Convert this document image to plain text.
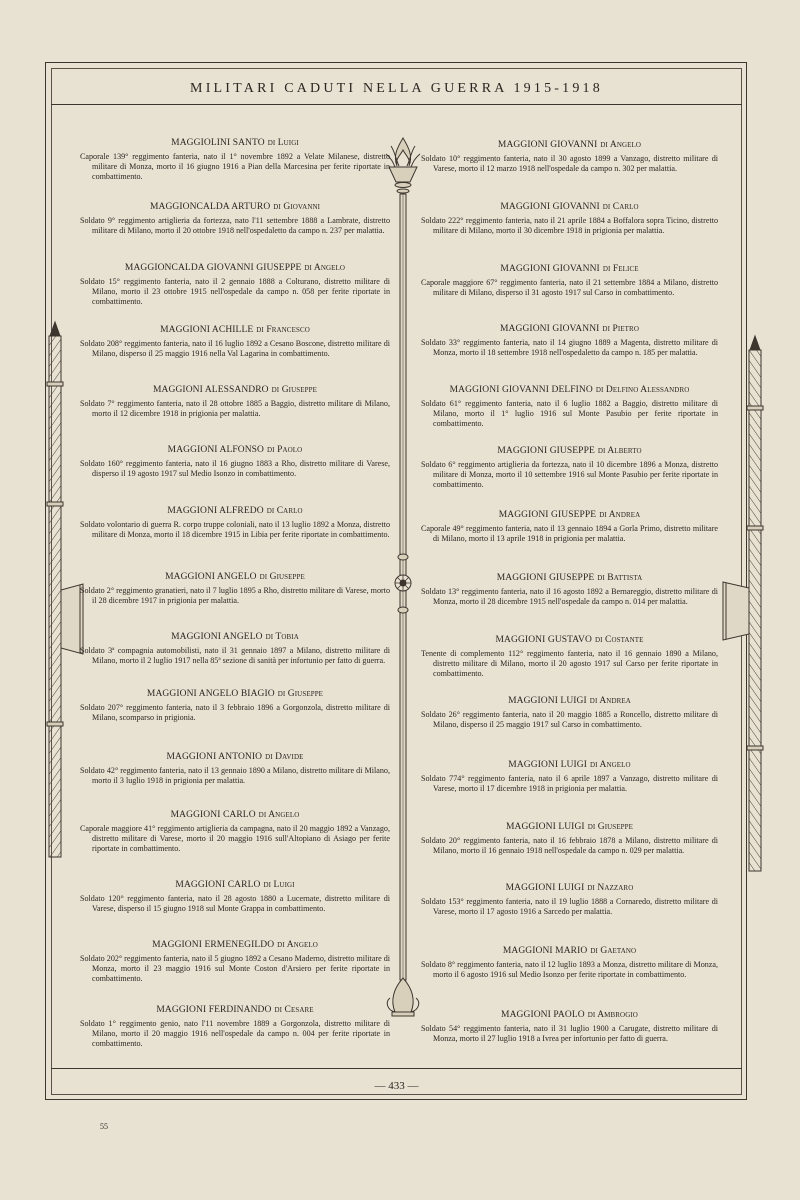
MILITARI CADUTI NELLA GUERRA 1915-1918
MAGGIOLINI SANTO di Luigi

Caporale 139° reggimento fanteria, nato il 1° novembre 1892 a Velate Milanese, distretto militare di Monza, morto il 16 giugno 1916 a Pian della Marcesina per ferite riportate in combattimento.

MAGGIONCALDA ARTURO di Giovanni

Soldato 9° reggimento artiglieria da fortezza, nato l'11 settembre 1888 a Lambrate, distretto militare di Milano, morto il 20 ottobre 1918 nell'ospedaletto da campo n. 237 per malattia.

MAGGIONCALDA GIOVANNI GIUSEPPE di Angelo

Soldato 15° reggimento fanteria, nato il 2 gennaio 1888 a Colturano, distretto militare di Milano, morto il 23 ottobre 1915 nell'ospedale da campo n. 058 per ferite riportate in combattimento.

MAGGIONI ACHILLE di Francesco

Soldato 208° reggimento fanteria, nato il 16 luglio 1892 a Cesano Boscone, distretto militare di Milano, disperso il 25 maggio 1916 nella Val Lagarina in combattimento.

MAGGIONI ALESSANDRO di Giuseppe

Soldato 7° reggimento fanteria, nato il 28 ottobre 1885 a Baggio, distretto militare di Milano, morto il 12 dicembre 1918 in prigionia per malattia.

MAGGIONI ALFONSO di Paolo

Soldato 160° reggimento fanteria, nato il 16 giugno 1883 a Rho, distretto militare di Varese, disperso il 19 agosto 1917 sul Medio Isonzo in combattimento.

MAGGIONI ALFREDO di Carlo

Soldato volontario di guerra R. corpo truppe coloniali, nato il 13 luglio 1892 a Monza, distretto militare di Monza, morto il 18 dicembre 1915 in Libia per ferite riportate in combattimento.

MAGGIONI ANGELO di Giuseppe

Soldato 2° reggimento granatieri, nato il 7 luglio 1895 a Rho, distretto militare di Varese, morto il 28 dicembre 1917 in prigionia per malattia.

MAGGIONI ANGELO di Tobia

Soldato 3ª compagnia automobilisti, nato il 31 gennaio 1897 a Milano, distretto militare di Milano, morto il 2 luglio 1917 nella 85ª sezione di sanità per infortunio per fatto di guerra.

MAGGIONI ANGELO BIAGIO di Giuseppe

Soldato 207° reggimento fanteria, nato il 3 febbraio 1896 a Gorgonzola, distretto militare di Milano, scomparso in prigionia.

MAGGIONI ANTONIO di Davide

Soldato 42° reggimento fanteria, nato il 13 gennaio 1890 a Milano, distretto militare di Milano, morto il 3 luglio 1918 in prigionia per malattia.

MAGGIONI CARLO di Angelo

Caporale maggiore 41° reggimento artiglieria da campagna, nato il 20 maggio 1892 a Vanzago, distretto militare di Varese, morto il 20 maggio 1916 sull'Altopiano di Asiago per ferite riportate in combattimento.

MAGGIONI CARLO di Luigi

Soldato 120° reggimento fanteria, nato il 28 agosto 1880 a Lucernate, distretto militare di Varese, disperso il 15 giugno 1918 sul Monte Grappa in combattimento.

MAGGIONI ERMENEGILDO di Angelo

Soldato 202° reggimento fanteria, nato il 5 giugno 1892 a Cesano Maderno, distretto militare di Monza, morto il 23 maggio 1916 sul Monte Coston d'Arsiero per ferite riportate in combattimento.

MAGGIONI FERDINANDO di Cesare

Soldato 1° reggimento genio, nato l'11 novembre 1889 a Gorgonzola, distretto militare di Milano, morto il 20 maggio 1916 nell'ospedale da campo n. 004 per ferite riportate in combattimento.

MAGGIONI GIOVANNI di Angelo

Soldato 10° reggimento fanteria, nato il 30 agosto 1899 a Vanzago, distretto militare di Varese, morto il 12 marzo 1918 nell'ospedale da campo n. 302 per malattia.

MAGGIONI GIOVANNI di Carlo

Soldato 222° reggimento fanteria, nato il 21 aprile 1884 a Boffalora sopra Ticino, distretto militare di Milano, morto il 30 dicembre 1918 in prigionia per malattia.

MAGGIONI GIOVANNI di Felice

Caporale maggiore 67° reggimento fanteria, nato il 21 settembre 1884 a Milano, distretto militare di Milano, disperso il 31 agosto 1917 sul Carso in combattimento.

MAGGIONI GIOVANNI di Pietro

Soldato 33° reggimento fanteria, nato il 14 giugno 1889 a Magenta, distretto militare di Monza, morto il 18 settembre 1918 nell'ospedaletto da campo n. 185 per malattia.

MAGGIONI GIOVANNI DELFINO di Delfino Alessandro

Soldato 61° reggimento fanteria, nato il 6 luglio 1882 a Baggio, distretto militare di Milano, morto il 1° luglio 1916 sul Monte Pasubio per ferite riportate in combattimento.

MAGGIONI GIUSEPPE di Alberto

Soldato 6° reggimento artiglieria da fortezza, nato il 10 dicembre 1896 a Monza, distretto militare di Monza, morto il 10 settembre 1916 sul Monte Pasubio per ferite riportate in combattimento.

MAGGIONI GIUSEPPE di Andrea

Caporale 49° reggimento fanteria, nato il 13 gennaio 1894 a Gorla Primo, distretto militare di Milano, morto il 13 aprile 1918 in prigionia per malattia.

MAGGIONI GIUSEPPE di Battista

Soldato 13° reggimento fanteria, nato il 16 agosto 1892 a Bernareggio, distretto militare di Monza, morto il 28 dicembre 1915 nell'ospedale da campo n. 014 per malattia.

MAGGIONI GUSTAVO di Costante

Tenente di complemento 112° reggimento fanteria, nato il 16 gennaio 1890 a Milano, distretto militare di Milano, morto il 20 agosto 1917 sul Carso per ferite riportate in combattimento.

MAGGIONI LUIGI di Andrea

Soldato 26° reggimento fanteria, nato il 20 maggio 1885 a Roncello, distretto militare di Milano, disperso il 25 maggio 1917 sul Carso in combattimento.

MAGGIONI LUIGI di Angelo

Soldato 774° reggimento fanteria, nato il 6 aprile 1897 a Vanzago, distretto militare di Varese, morto il 17 dicembre 1918 in prigionia per malattia.

MAGGIONI LUIGI di Giuseppe

Soldato 20° reggimento fanteria, nato il 16 febbraio 1878 a Milano, distretto militare di Milano, morto il 16 gennaio 1918 nell'ospedale da campo n. 029 per malattia.

MAGGIONI LUIGI di Nazzaro

Soldato 153° reggimento fanteria, nato il 19 luglio 1888 a Cornaredo, distretto militare di Varese, morto il 17 agosto 1916 a Sarcedo per malattia.

MAGGIONI MARIO di Gaetano

Soldato 8° reggimento fanteria, nato il 12 luglio 1893 a Monza, distretto militare di Monza, morto il 6 agosto 1916 sul Medio Isonzo per ferite riportate in combattimento.

MAGGIONI PAOLO di Ambrogio

Soldato 54° reggimento fanteria, nato il 31 luglio 1900 a Carugate, distretto militare di Monza, morto il 27 luglio 1918 a Ivrea per infortunio per fatto di guerra.

— 433 —
55
